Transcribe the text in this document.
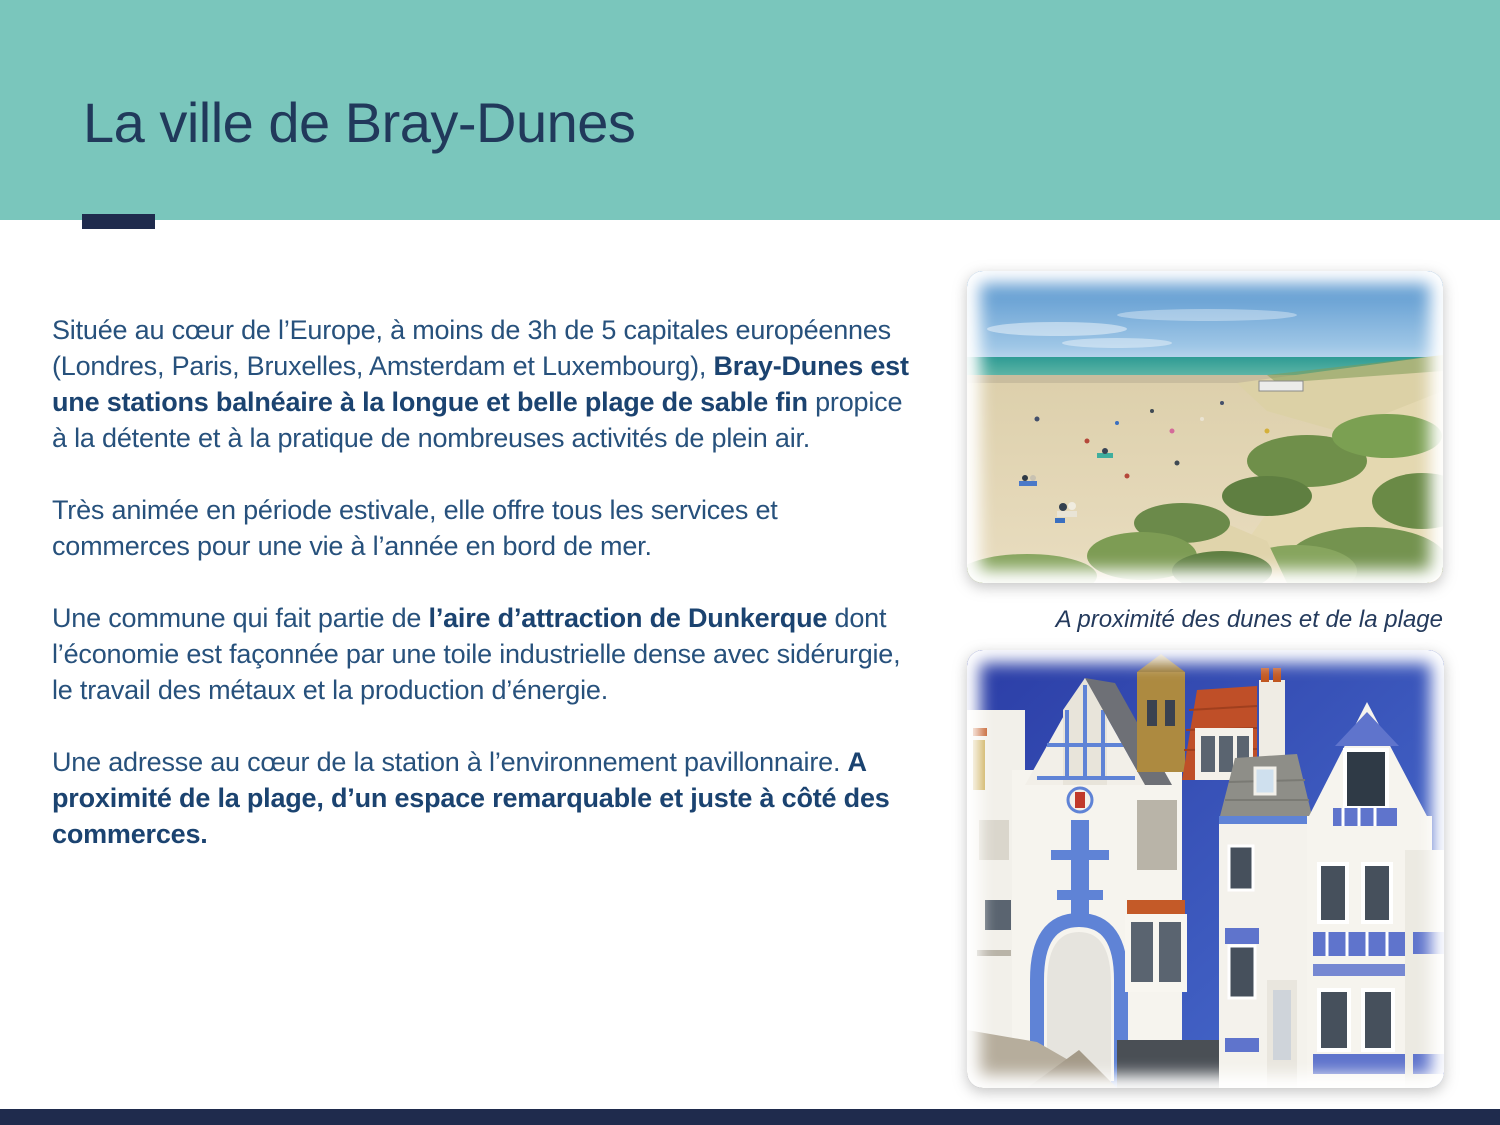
La ville de Bray-Dunes

Située au cœur de l’Europe, à moins de 3h de 5 capitales européennes (Londres, Paris, Bruxelles, Amsterdam et Luxembourg), Bray-Dunes est une stations balnéaire à la longue et belle plage de sable fin propice à la détente et à la pratique de nombreuses activités de plein air.

Très animée en période estivale, elle offre tous les services et commerces pour une vie à l’année en bord de mer.

Une commune qui fait partie de l’aire d’attraction de Dunkerque dont l’économie est façonnée par une toile industrielle dense avec sidérurgie, le travail des métaux et la production d’énergie.

Une adresse au cœur de la station à l’environnement pavillonnaire. A proximité de la plage, d’un espace remarquable et juste à côté des commerces.

A proximité des dunes et de la plage
